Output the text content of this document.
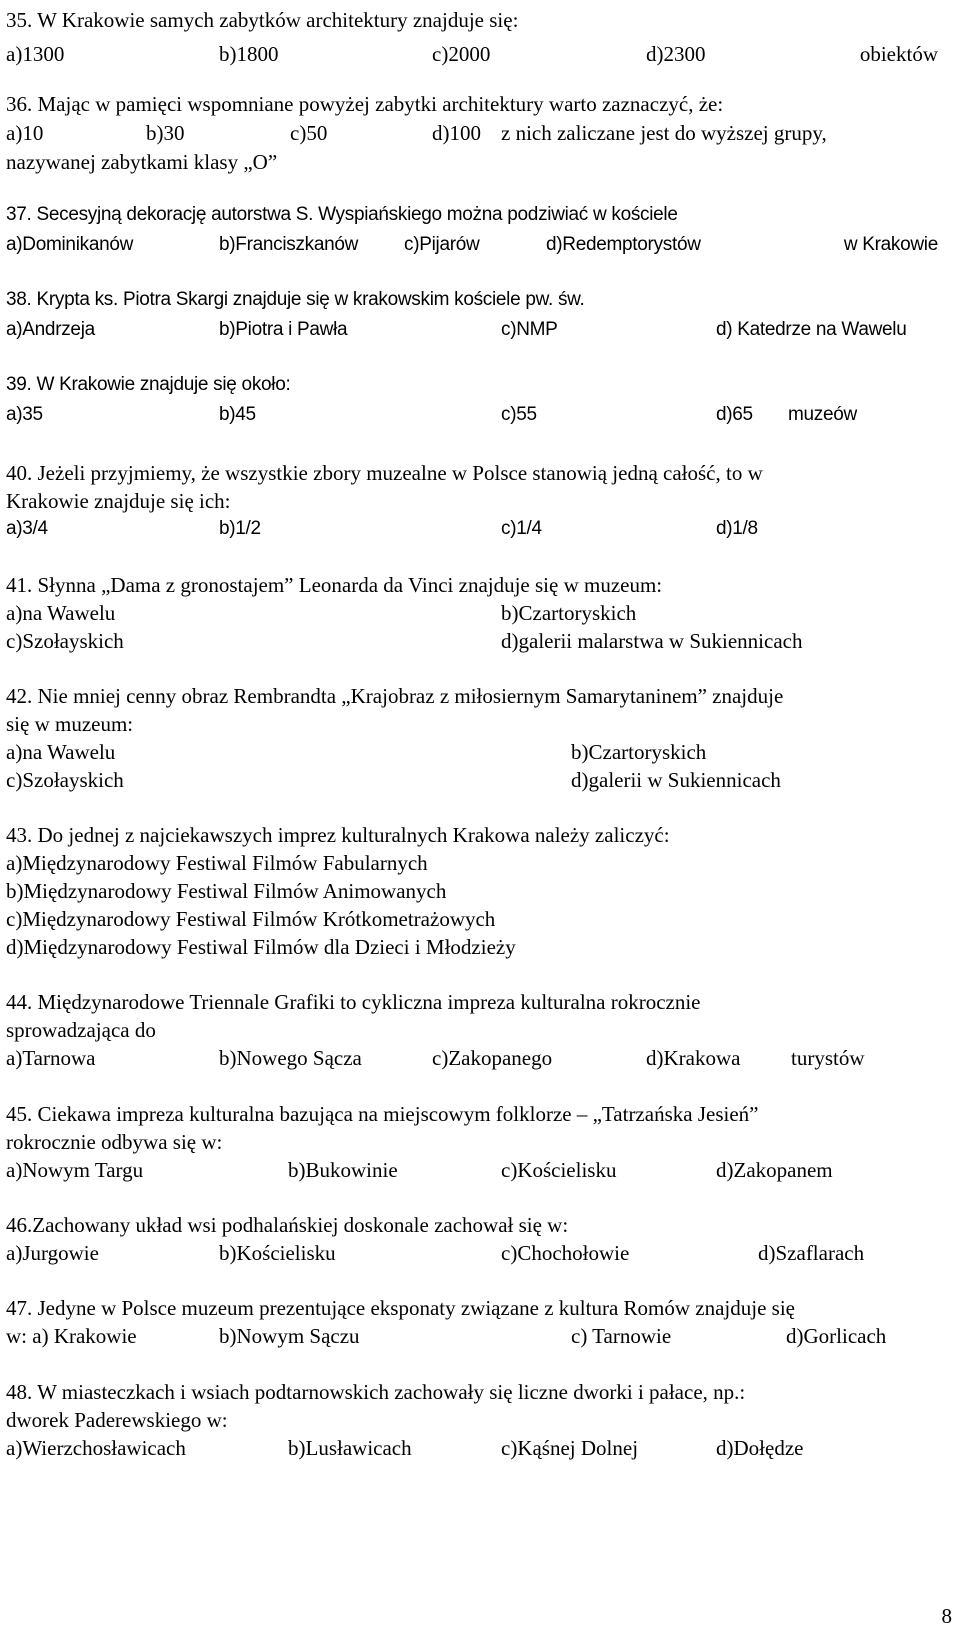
35. W Krakowie samych zabytków architektury znajduje się:
a)1300	b)1800	c)2000	d)2300	obiektów
36. Mając w pamięci wspomniane powyżej zabytki architektury warto zaznaczyć, że:
a)10	b)30	c)50	d)100 z nich zaliczane jest do wyższej grupy,
nazywanej zabytkami klasy „O”
37. Secesyjną dekorację autorstwa S. Wyspiańskiego można podziwiać w kościele
a)Dominikanów	b)Franciszkanów c)Pijarów	d)Redemptorystów	w Krakowie
38. Krypta ks. Piotra Skargi znajduje się w krakowskim kościele pw. św.
a)Andrzeja	b)Piotra i Pawła	c)NMP	d) Katedrze na Wawelu
39. W Krakowie znajduje się około:
a)35	b)45	c)55	d)65 muzeów
40. Jeżeli przyjmiemy, że wszystkie zbory muzealne w Polsce stanowią jedną całość, to w
Krakowie znajduje się ich:
a)3/4	b)1/2	c)1/4	d)1/8
41. Słynna „Dama z gronostajem” Leonarda da Vinci znajduje się w muzeum:
a)na Wawelu	b)Czartoryskich
c)Szołayskich	d)galerii malarstwa w Sukiennicach
42. Nie mniej cenny obraz Rembrandta „Krajobraz z miłosiernym Samarytaninem” znajduje
się w muzeum:
a)na Wawelu	b)Czartoryskich
c)Szołayskich	d)galerii w Sukiennicach
43. Do jednej z najciekawszych imprez kulturalnych Krakowa należy zaliczyć:
a)Międzynarodowy Festiwal Filmów Fabularnych
b)Międzynarodowy Festiwal Filmów Animowanych
c)Międzynarodowy Festiwal Filmów Krótkometrażowych
d)Międzynarodowy Festiwal Filmów dla Dzieci i Młodzieży
44. Międzynarodowe Triennale Grafiki to cykliczna impreza kulturalna rokrocznie
sprowadzająca do
a)Tarnowa	b)Nowego Sącza	c)Zakopanego	d)Krakowa turystów
45. Ciekawa impreza kulturalna bazująca na miejscowym folklorze – „Tatrzańska Jesień”
rokrocznie odbywa się w:
a)Nowym Targu	b)Bukowinie	c)Kościelisku	d)Zakopanem
46.Zachowany układ wsi podhalańskiej doskonale zachował się w:
a)Jurgowie	b)Kościelisku	c)Chochołowie	d)Szaflarach
47. Jedyne w Polsce muzeum prezentujące eksponaty związane z kultura Romów znajduje się
w: a) Krakowie	b)Nowym Sączu	c) Tarnowie	d)Gorlicach
48. W miasteczkach i wsiach podtarnowskich zachowały się liczne dworki i pałace, np.:
dworek Paderewskiego w:
a)Wierzchosławicach	b)Lusławicach	c)Kąśnej Dolnej	d)Dołędze
8
